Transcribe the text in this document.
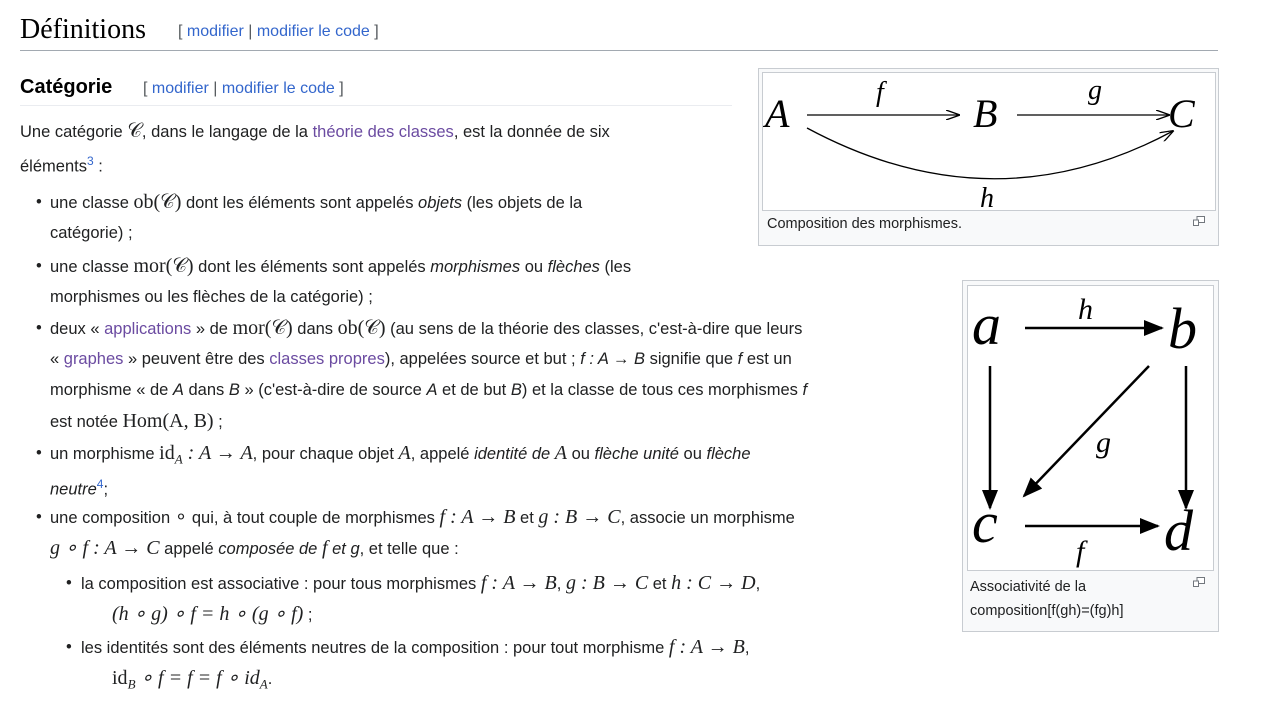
Définitions [ modifier | modifier le code ]
Catégorie [ modifier | modifier le code ]
Une catégorie 𝒞, dans le langage de la théorie des classes, est la donnée de six
éléments$^3$ :
• une classe ob(𝒞) dont les éléments sont appelés objets (les objets de la
catégorie) ;
• une classe mor(𝒞) dont les éléments sont appelés morphismes ou flèches (les
morphismes ou les flèches de la catégorie) ;
• deux « applications » de mor(𝒞) dans ob(𝒞) (au sens de la théorie des classes, c'est-à-dire que leurs
« graphes » peuvent être des classes propres), appelées source et but ; f : A → B signifie que f est un
morphisme « de A dans B » (c'est-à-dire de source A et de but B) et la classe de tous ces morphismes f
est notée Hom(A, B) ;
• un morphisme $id_A$ : A → A, pour chaque objet A, appelé identité de A ou flèche unité ou flèche
neutre$^4$;
• une composition ∘ qui, à tout couple de morphismes f : A → B et g : B → C, associe un morphisme
g ∘ f : A → C appelé composée de f et g, et telle que :
• la composition est associative : pour tous morphismes f : A → B, g : B → C et h : C → D,
(h ∘ g) ∘ f = h ∘ (g ∘ f) ;
• les identités sont des éléments neutres de la composition : pour tout morphisme f : A → B,
$id_B$ ∘ f = f = f ∘ $id_A$.
A	B	C
f	g
h
Composition des morphismes.
a	b
c	d
h
g
f
Associativité de la
composition[f(gh)=(fg)h]
